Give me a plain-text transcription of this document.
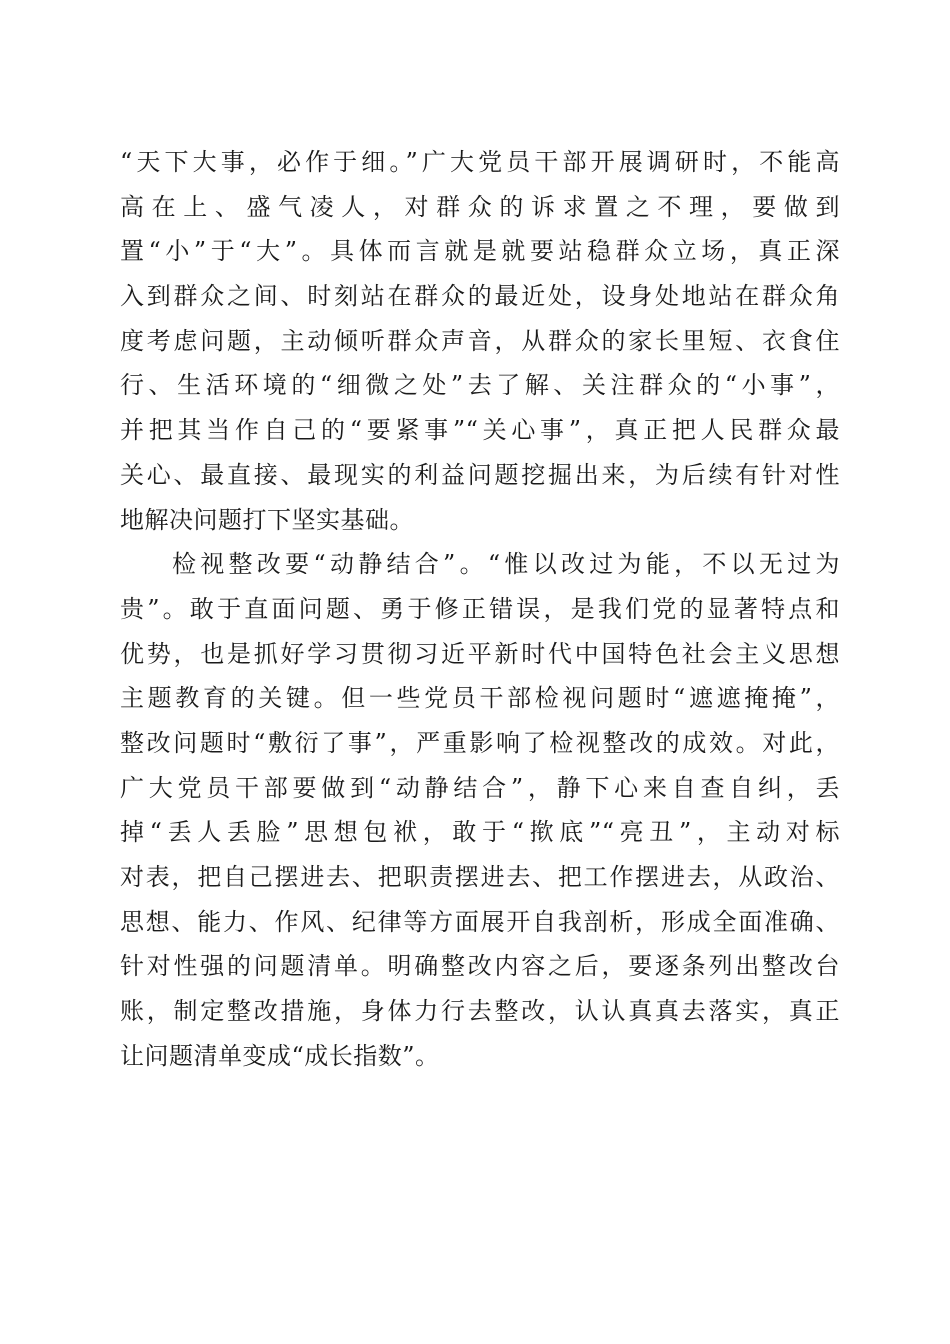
“天下大事，必作于细。”广大党员干部开展调研时，不能高
高在上、盛气凌人，对群众的诉求置之不理，要做到
置“小”于“大”。具体而言就是就要站稳群众立场，真正深
入到群众之间、时刻站在群众的最近处，设身处地站在群众角
度考虑问题，主动倾听群众声音，从群众的家长里短、衣食住
行、生活环境的“细微之处”去了解、关注群众的“小事”，
并把其当作自己的“要紧事”“关心事”，真正把人民群众最
关心、最直接、最现实的利益问题挖掘出来，为后续有针对性
地解决问题打下坚实基础。
检视整改要“动静结合”。“惟以改过为能，不以无过为
贵”。敢于直面问题、勇于修正错误，是我们党的显著特点和
优势，也是抓好学习贯彻习近平新时代中国特色社会主义思想
主题教育的关键。但一些党员干部检视问题时“遮遮掩掩”，
整改问题时“敷衍了事”，严重影响了检视整改的成效。对此，
广大党员干部要做到“动静结合”，静下心来自查自纠，丢
掉“丢人丢脸”思想包袱，敢于“揿底”“亮丑”，主动对标
对表，把自己摆进去、把职责摆进去、把工作摆进去，从政治、
思想、能力、作风、纪律等方面展开自我剖析，形成全面准确、
针对性强的问题清单。明确整改内容之后，要逐条列出整改台
账，制定整改措施，身体力行去整改，认认真真去落实，真正
让问题清单变成“成长指数”。
